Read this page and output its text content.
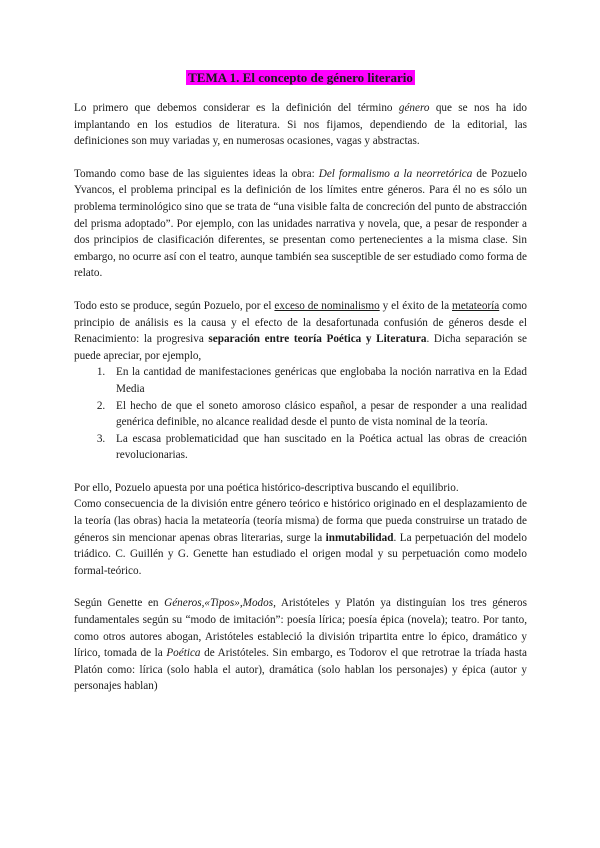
TEMA 1. El concepto de género literario

Lo primero que debemos considerar es la definición del término género que se nos ha ido implantando en los estudios de literatura. Si nos fijamos, dependiendo de la editorial, las definiciones son muy variadas y, en numerosas ocasiones, vagas y abstractas.

Tomando como base de las siguientes ideas la obra: Del formalismo a la neorretórica de Pozuelo Yvancos, el problema principal es la definición de los límites entre géneros. Para él no es sólo un problema terminológico sino que se trata de “una visible falta de concreción del punto de abstracción del prisma adoptado”. Por ejemplo, con las unidades narrativa y novela, que, a pesar de responder a dos principios de clasificación diferentes, se presentan como pertenecientes a la misma clase. Sin embargo, no ocurre así con el teatro, aunque también sea susceptible de ser estudiado como forma de relato.

Todo esto se produce, según Pozuelo, por el exceso de nominalismo y el éxito de la metateoría como principio de análisis es la causa y el efecto de la desafortunada confusión de géneros desde el Renacimiento: la progresiva separación entre teoría Poética y Literatura. Dicha separación se puede apreciar, por ejemplo,

1. En la cantidad de manifestaciones genéricas que englobaba la noción narrativa en la Edad Media
2. El hecho de que el soneto amoroso clásico español, a pesar de responder a una realidad genérica definible, no alcance realidad desde el punto de vista nominal de la teoría.
3. La escasa problematicidad que han suscitado en la Poética actual las obras de creación revolucionarias.

Por ello, Pozuelo apuesta por una poética histórico-descriptiva buscando el equilibrio.

Como consecuencia de la división entre género teórico e histórico originado en el desplazamiento de la teoría (las obras) hacia la metateoría (teoría misma) de forma que pueda construirse un tratado de géneros sin mencionar apenas obras literarias, surge la inmutabilidad. La perpetuación del modelo triádico. C. Guillén y G. Genette han estudiado el origen modal y su perpetuación como modelo formal-teórico.

Según Genette en Géneros,«Tipos»,Modos, Aristóteles y Platón ya distinguían los tres géneros fundamentales según su “modo de imitación”: poesía lírica; poesía épica (novela); teatro. Por tanto, como otros autores abogan, Aristóteles estableció la división tripartita entre lo épico, dramático y lírico, tomada de la Poética de Aristóteles. Sin embargo, es Todorov el que retrotrae la tríada hasta Platón como: lírica (solo habla el autor), dramática (solo hablan los personajes) y épica (autor y personajes hablan)
